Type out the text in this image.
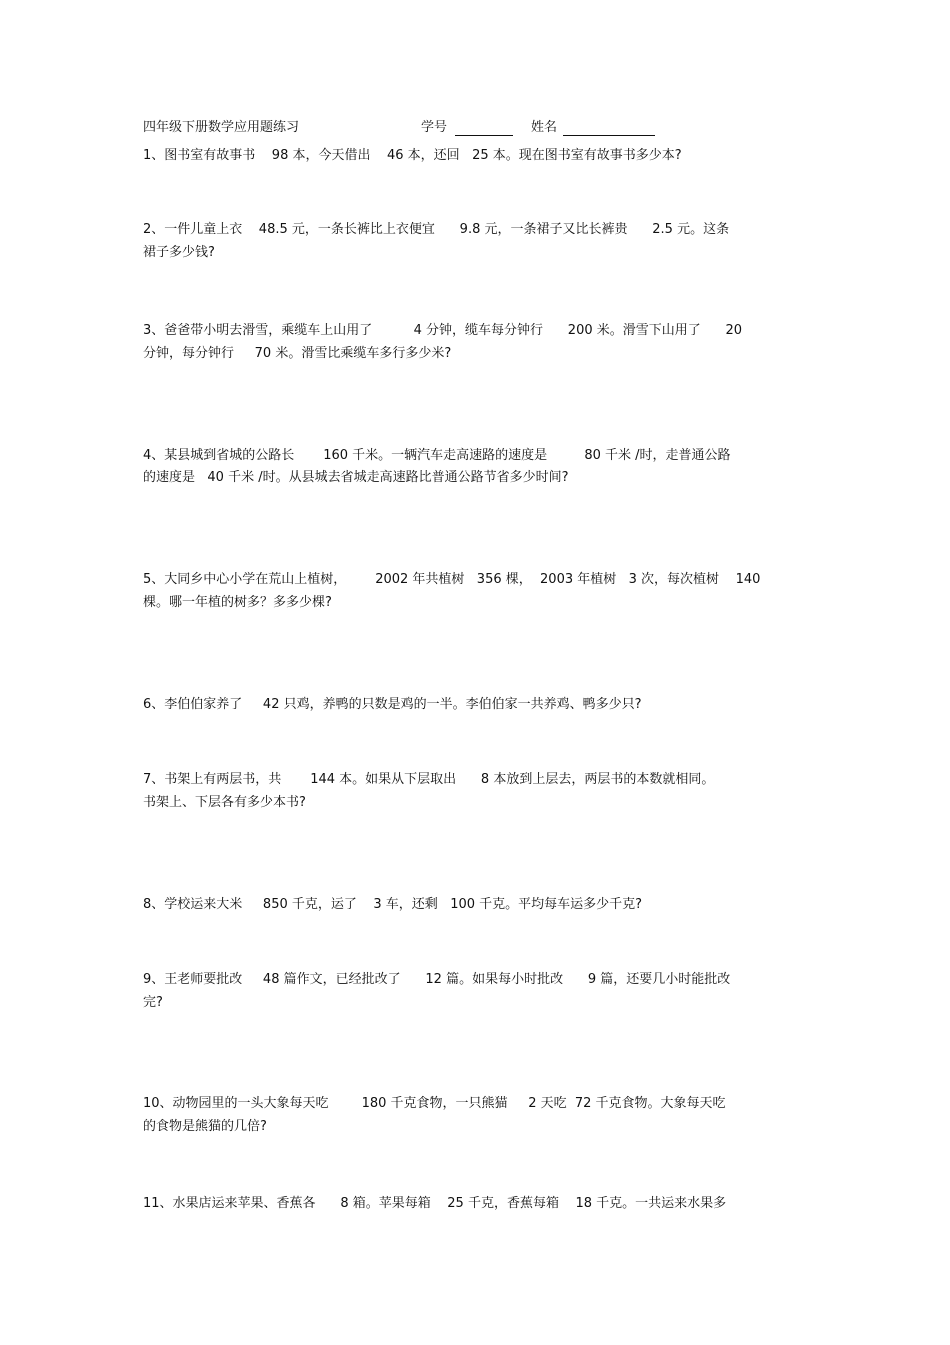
四年级下册数学应用题练习	学号	姓名
1、图书室有故事书    98 本，今天借出    46 本，还回   25 本。现在图书室有故事书多少本?
2、一件儿童上衣    48.5 元，一条长裤比上衣便宜      9.8 元，一条裙子又比长裤贵      2.5 元。这条
裙子多少钱?
3、爸爸带小明去滑雪，乘缆车上山用了          4 分钟，缆车每分钟行      200 米。滑雪下山用了      20
分钟，每分钟行     70 米。滑雪比乘缆车多行多少米?
4、某县城到省城的公路长       160 千米。一辆汽车走高速路的速度是         80 千米 /时，走普通公路
的速度是   40 千米 /时。从县城去省城走高速路比普通公路节省多少时间?
5、大同乡中心小学在荒山上植树，       2002 年共植树   356 棵，  2003 年植树   3 次，每次植树    140
棵。哪一年植的树多？多多少棵?
6、李伯伯家养了     42 只鸡，养鸭的只数是鸡的一半。李伯伯家一共养鸡、鸭多少只?
7、书架上有两层书，共       144 本。如果从下层取出      8 本放到上层去，两层书的本数就相同。
书架上、下层各有多少本书?
8、学校运来大米     850 千克，运了    3 车，还剩   100 千克。平均每车运多少千克?
9、王老师要批改     48 篇作文，已经批改了      12 篇。如果每小时批改      9 篇，还要几小时能批改
完?
10、动物园里的一头大象每天吃        180 千克食物，一只熊猫     2 天吃  72 千克食物。大象每天吃
的食物是熊猫的几倍?
11、水果店运来苹果、香蕉各      8 箱。苹果每箱    25 千克，香蕉每箱    18 千克。一共运来水果多
